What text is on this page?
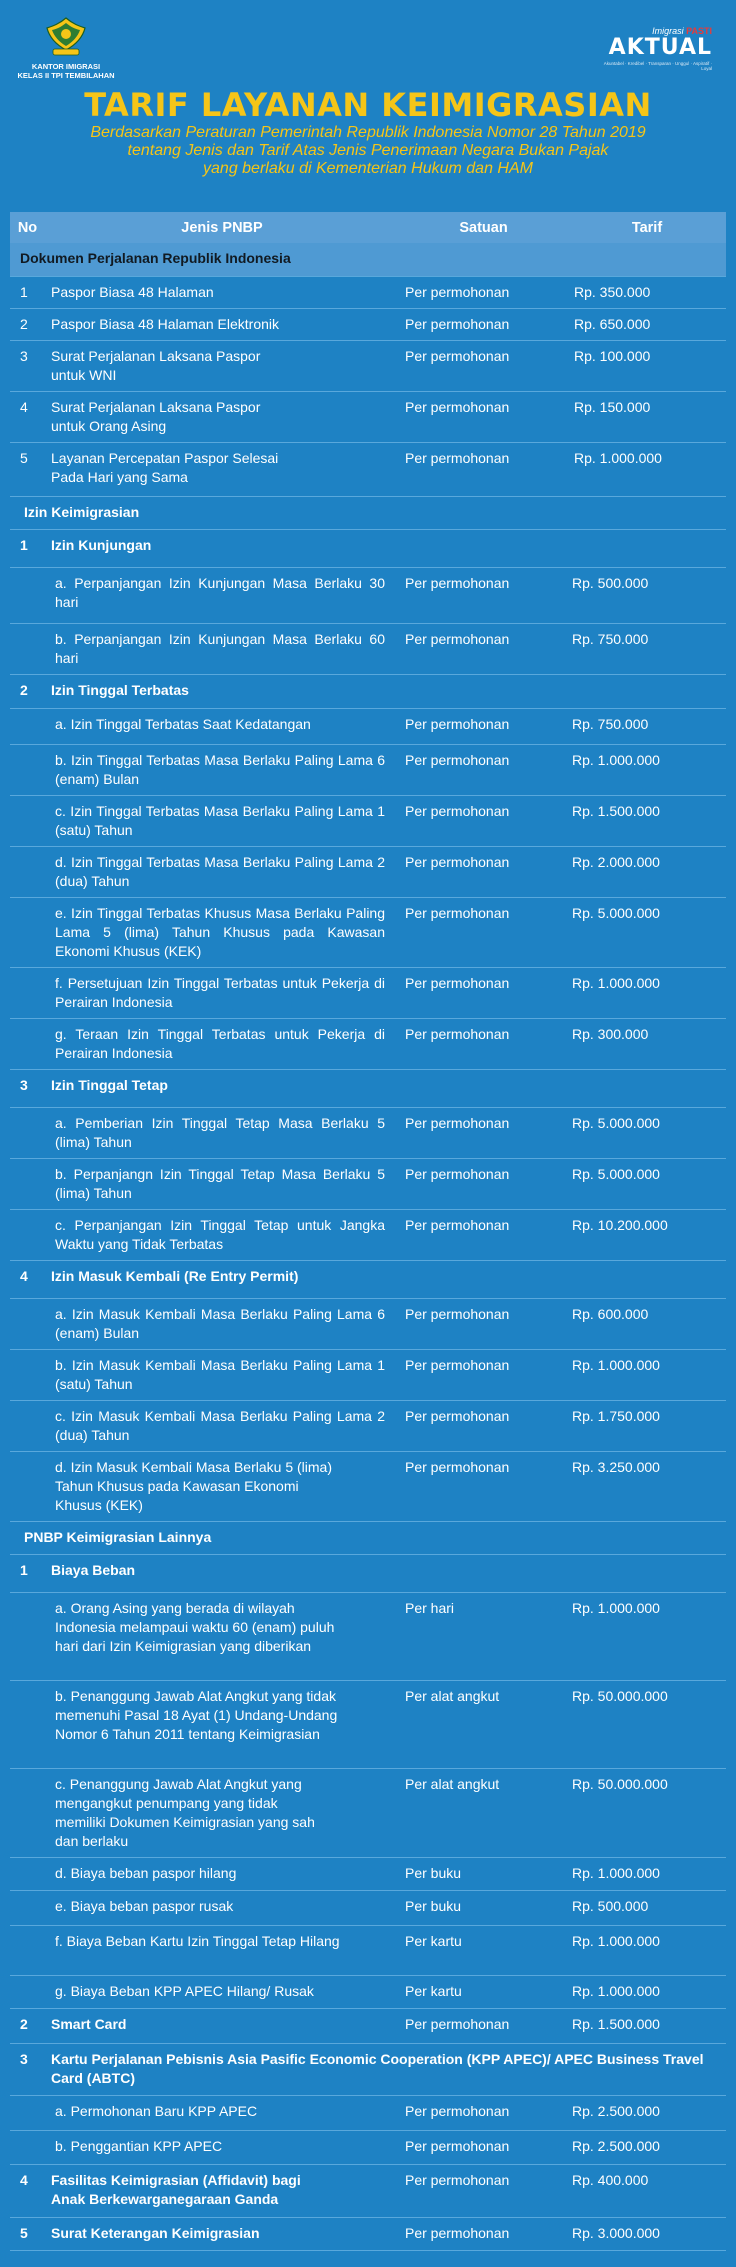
KANTOR IMIGRASI
KELAS II TPI TEMBILAHAN
Imigrasi PASTI
AKTUAL
Akuntabel · Kredibel · Transparan · Unggul · Aspiratif · Loyal
TARIF LAYANAN KEIMIGRASIAN
Berdasarkan Peraturan Pemerintah Republik Indonesia Nomor 28 Tahun 2019
tentang Jenis dan Tarif Atas Jenis Penerimaan Negara Bukan Pajak
yang berlaku di Kementerian Hukum dan HAM
No	Jenis PNBP	Satuan	Tarif
Dokumen Perjalanan Republik Indonesia			
1	Paspor Biasa 48 Halaman	Per permohonan	Rp. 350.000
2	Paspor Biasa 48 Halaman Elektronik	Per permohonan	Rp. 650.000
3	Surat Perjalanan Laksana Paspor
untuk WNI	Per permohonan	Rp. 100.000
4	Surat Perjalanan Laksana Paspor
untuk Orang Asing	Per permohonan	Rp. 150.000
5	Layanan Percepatan Paspor Selesai
Pada Hari yang Sama	Per permohonan	Rp. 1.000.000
Izin Keimigrasian			
1	Izin Kunjungan		
	a. Perpanjangan Izin Kunjungan Masa Berlaku 30 hari	Per permohonan	Rp. 500.000
	b. Perpanjangan Izin Kunjungan Masa Berlaku 60 hari	Per permohonan	Rp. 750.000
2	Izin Tinggal Terbatas		
	a. Izin Tinggal Terbatas Saat Kedatangan	Per permohonan	Rp. 750.000
	b. Izin Tinggal Terbatas Masa Berlaku Paling Lama 6 (enam) Bulan	Per permohonan	Rp. 1.000.000
	c. Izin Tinggal Terbatas Masa Berlaku Paling Lama 1 (satu) Tahun	Per permohonan	Rp. 1.500.000
	d. Izin Tinggal Terbatas Masa Berlaku Paling Lama 2 (dua) Tahun	Per permohonan	Rp. 2.000.000
	e. Izin Tinggal Terbatas Khusus Masa Berlaku Paling Lama 5 (lima) Tahun Khusus pada Kawasan Ekonomi Khusus (KEK)	Per permohonan	Rp. 5.000.000
	f. Persetujuan Izin Tinggal Terbatas untuk Pekerja di Perairan Indonesia	Per permohonan	Rp. 1.000.000
	g. Teraan Izin Tinggal Terbatas untuk Pekerja di Perairan Indonesia	Per permohonan	Rp. 300.000
3	Izin Tinggal Tetap		
	a. Pemberian Izin Tinggal Tetap Masa Berlaku 5 (lima) Tahun	Per permohonan	Rp. 5.000.000
	b. Perpanjangn Izin Tinggal Tetap Masa Berlaku 5 (lima) Tahun	Per permohonan	Rp. 5.000.000
	c. Perpanjangan Izin Tinggal Tetap untuk Jangka Waktu yang Tidak Terbatas	Per permohonan	Rp. 10.200.000
4	Izin Masuk Kembali (Re Entry Permit)		
	a. Izin Masuk Kembali Masa Berlaku Paling Lama 6 (enam) Bulan	Per permohonan	Rp. 600.000
	b. Izin Masuk Kembali Masa Berlaku Paling Lama 1 (satu) Tahun	Per permohonan	Rp. 1.000.000
	c. Izin Masuk Kembali Masa Berlaku Paling Lama 2 (dua) Tahun	Per permohonan	Rp. 1.750.000
	d. Izin Masuk Kembali Masa Berlaku 5 (lima)
Tahun Khusus pada Kawasan Ekonomi
Khusus (KEK)	Per permohonan	Rp. 3.250.000
PNBP Keimigrasian Lainnya			
1	Biaya Beban		
	a. Orang Asing yang berada di wilayah
Indonesia melampaui waktu 60 (enam) puluh
hari dari Izin Keimigrasian yang diberikan	Per hari	Rp. 1.000.000
	b. Penanggung Jawab Alat Angkut yang tidak
memenuhi Pasal 18 Ayat (1) Undang-Undang
Nomor 6 Tahun 2011 tentang Keimigrasian	Per alat angkut	Rp. 50.000.000
	c. Penanggung Jawab Alat Angkut yang
mengangkut penumpang yang tidak
memiliki Dokumen Keimigrasian yang sah
dan berlaku	Per alat angkut	Rp. 50.000.000
	d. Biaya beban paspor hilang	Per buku	Rp. 1.000.000
	e. Biaya beban paspor rusak	Per buku	Rp. 500.000
	f. Biaya Beban Kartu Izin Tinggal Tetap Hilang	Per kartu	Rp. 1.000.000
	g. Biaya Beban KPP APEC Hilang/ Rusak	Per kartu	Rp. 1.000.000
2	Smart Card	Per permohonan	Rp. 1.500.000
3	Kartu Perjalanan Pebisnis Asia Pasific Economic Cooperation (KPP APEC)/ APEC Business Travel Card (ABTC)		
	a. Permohonan Baru KPP APEC	Per permohonan	Rp. 2.500.000
	b. Penggantian KPP APEC	Per permohonan	Rp. 2.500.000
4	Fasilitas Keimigrasian (Affidavit) bagi
Anak Berkewarganegaraan Ganda	Per permohonan	Rp. 400.000
5	Surat Keterangan Keimigrasian	Per permohonan	Rp. 3.000.000
